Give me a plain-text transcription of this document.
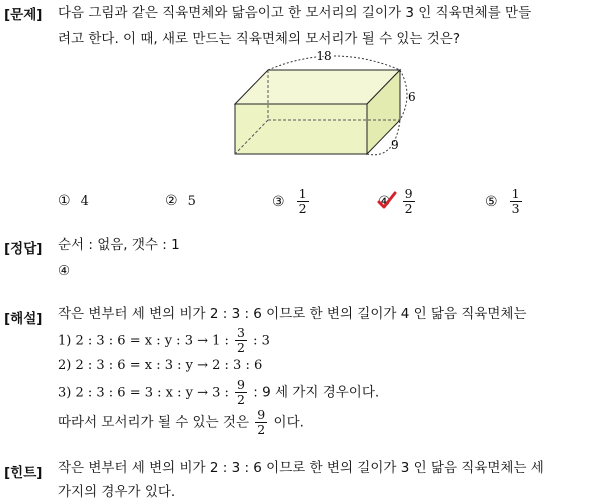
[문제] 다음 그림과 같은 직육면체와 닮음이고 한 모서리의 길이가 3 인 직육면체를 만들
려고 한다. 이 때, 새로 만드는 직육면체의 모서리가 될 수 있는 것은?
18
6
9
① 4	② 5	③ $\frac{1}{2}$	④ $\frac{9}{2}$	⑤ $\frac{1}{3}$
[정답] 순서 : 없음, 갯수 : 1
④
[해설] 작은 변부터 세 변의 비가 2 : 3 : 6 이므로 한 변의 길이가 4 인 닮음 직육면체는
1) 2 : 3 : 6 = x : y : 3 → 1 : $\frac{3}{2}$ : 3
2) 2 : 3 : 6 = x : 3 : y → 2 : 3 : 6
3) 2 : 3 : 6 = 3 : x : y → 3 : $\frac{9}{2}$ : 9 세 가지 경우이다.
따라서 모서리가 될 수 있는 것은 $\frac{9}{2}$ 이다.
[힌트] 작은 변부터 세 변의 비가 2 : 3 : 6 이므로 한 변의 길이가 3 인 닮음 직육면체는 세
가지의 경우가 있다.
